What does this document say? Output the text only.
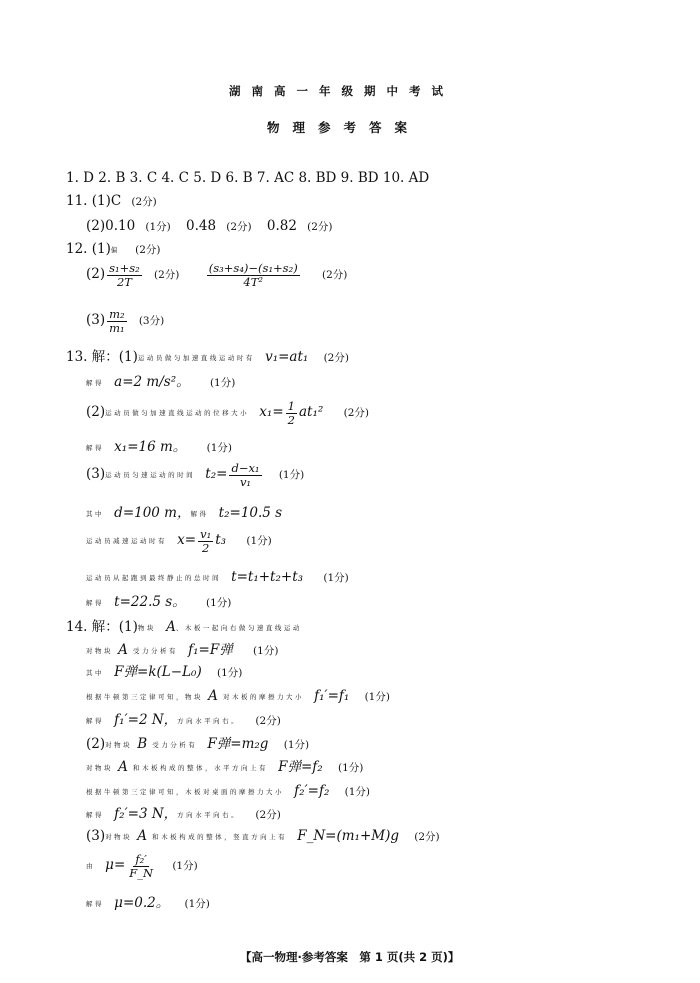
湖南高一年级期中考试
物理参考答案
1. D 2. B 3. C 4. C 5. D 6. B 7. AC 8. BD 9. BD 10. AD
11. (1)C
(2分)
(2)0.10
(1分)
0.48
(2分)
0.82
(2分)
12. (1) 偏
(2分)
$(2) \frac{\text{s₁+s₂}}{2T}$
(2分)
$\frac{\text{(s₃+s₄)−(s₁+s₂)}}{\text{4T²}}$
(2分)
$(3) \frac{\text{m₂}}{\text{m₁}}$
(3分)
13. 解：(1) 运动员做匀加速直线运动时有
v₁=at₁
(2分)
解得
a=2 m/s²。
(1分)
(2) 运动员做匀加速直线运动的位移大小
$x_1= \frac{1}{2} at_1^2$
(2分)
解得
x₁=16 m。
(1分)
(3) 运动员匀速运动的时间
$t_2= \frac{\text{d−x₁}}{\text{v₁}}$
(1分)
其中
d=100 m， 解得
t₂=10.5 s
运动员减速运动时有
$x= \frac{\text{v₁}}{2} t_3$
(1分)
运动员从起跑到最终静止的总时间
t=t₁+t₂+t₃
(1分)
解得
t=22.5 s。
(1分)
14. 解：(1) 物块
A 、木板一起向右做匀速直线运动
对物块
A
受力分析有
f₁=F弹
(1分)
其中
F弹=k(L−L₀)
(1分)
根据牛顿第三定律可知，物块
A
对木板的摩擦力大小
f₁′=f₁
(1分)
解得
f₁′=2 N， 方向水平向右。
(2分)
(2) 对物块
B
受力分析有
F弹=m₂g
(1分)
对物块
A
和木板构成的整体，水平方向上有
F弹=f₂
(1分)
根据牛顿第三定律可知，木板对桌面的摩擦力大小
f₂′=f₂
(1分)
解得
f₂′=3 N， 方向水平向右。
(2分)
(3) 对物块
A
和木板构成的整体，竖直方向上有
F_N=(m₁+M)g
(2分)
由
$\mu= \frac{\text{f₂′}}{F\_N}$
(1分)
解得
μ=0.2。
(1分)
【高一物理·参考答案　第 1 页(共 2 页)】
